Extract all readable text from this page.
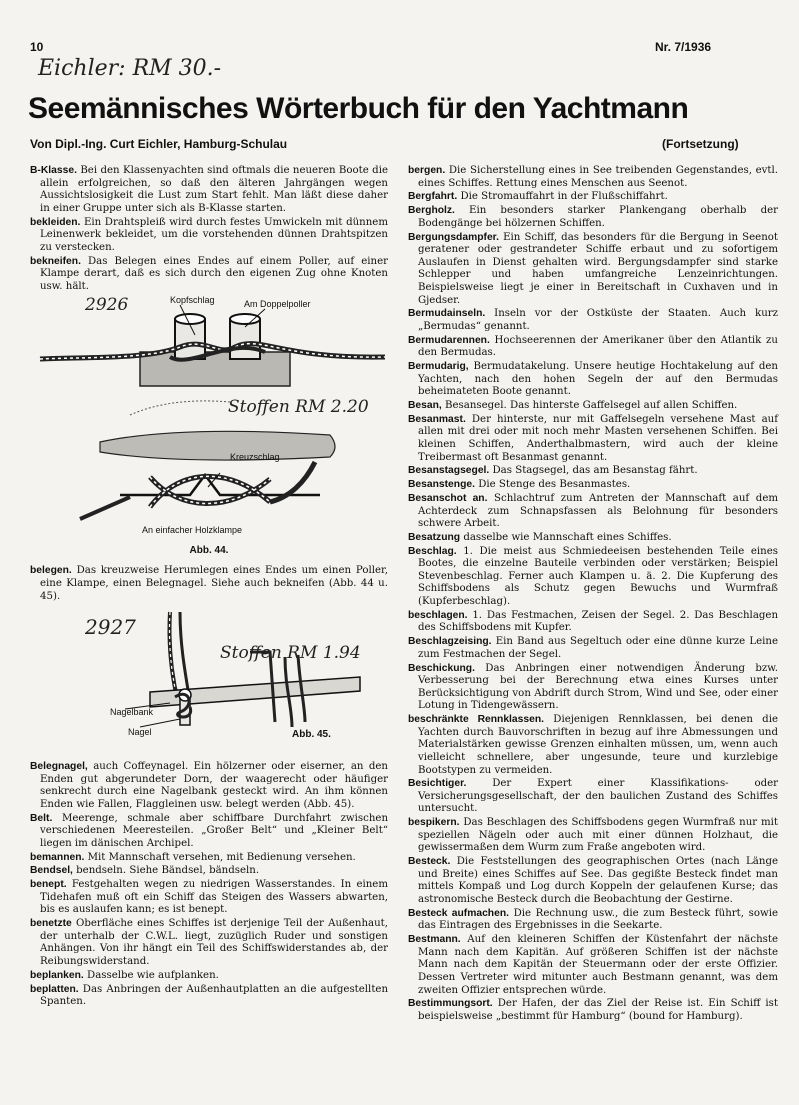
10	Nr. 7/1936
Eichler: RM 30.-
Seemännisches Wörterbuch für den Yachtmann
Von Dipl.-Ing. Curt Eichler, Hamburg-Schulau	(Fortsetzung)

B-Klasse. Bei den Klassenyachten sind oftmals die neueren Boote die allein erfolgreichen, so daß den älteren Jahrgängen wegen Aussichtslosigkeit die Lust zum Start fehlt. Man läßt diese daher in einer Gruppe unter sich als B-Klasse starten.

bekleiden. Ein Drahtspleiß wird durch festes Umwickeln mit dünnem Leinenwerk bekleidet, um die vorstehenden dünnen Drahtspitzen zu verstecken.

bekneifen. Das Belegen eines Endes auf einem Poller, auf einer Klampe derart, daß es sich durch den eigenen Zug ohne Knoten usw. hält.

2926	Kopfschlag	Am Doppelpoller
Stoffen RM 2.20
Kreuzschlag
An einfacher Holzklampe
Abb. 44.

belegen. Das kreuzweise Herumlegen eines Endes um einen Poller, eine Klampe, einen Belegnagel. Siehe auch bekneifen (Abb. 44 u. 45).

2927
Stoffen RM 1.94
Nagelbank
Nagel	Abb. 45.

Belegnagel, auch Coffeynagel. Ein hölzerner oder eiserner, an den Enden gut abgerundeter Dorn, der waagerecht oder häufiger senkrecht durch eine Nagelbank gesteckt wird. An ihm können Enden wie Fallen, Flaggleinen usw. belegt werden (Abb. 45).

Belt. Meerenge, schmale aber schiffbare Durchfahrt zwischen verschiedenen Meeresteilen. „Großer Belt“ und „Kleiner Belt“ liegen im dänischen Archipel.

bemannen. Mit Mannschaft versehen, mit Bedienung versehen.

Bendsel, bendseln. Siehe Bändsel, bändseln.

benept. Festgehalten wegen zu niedrigen Wasserstandes. In einem Tidehafen muß oft ein Schiff das Steigen des Wassers abwarten, bis es auslaufen kann; es ist benept.

benetzte Oberfläche eines Schiffes ist derjenige Teil der Außenhaut, der unterhalb der C.W.L. liegt, zuzüglich Ruder und sonstigen Anhängen. Von ihr hängt ein Teil des Schiffswiderstandes ab, der Reibungswiderstand.

beplanken. Dasselbe wie aufplanken.

beplatten. Das Anbringen der Außenhautplatten an die aufgestellten Spanten.

bergen. Die Sicherstellung eines in See treibenden Gegenstandes, evtl. eines Schiffes. Rettung eines Menschen aus Seenot.

Bergfahrt. Die Stromauffahrt in der Flußschiffahrt.

Bergholz. Ein besonders starker Plankengang oberhalb der Bodengänge bei hölzernen Schiffen.

Bergungsdampfer. Ein Schiff, das besonders für die Bergung in Seenot geratener oder gestrandeter Schiffe erbaut und zu sofortigem Auslaufen in Dienst gehalten wird. Bergungsdampfer sind starke Schlepper und haben umfangreiche Lenzeinrichtungen. Beispielsweise liegt je einer in Bereitschaft in Cuxhaven und in Gjedser.

Bermudainseln. Inseln vor der Ostküste der Staaten. Auch kurz „Bermudas“ genannt.

Bermudarennen. Hochseerennen der Amerikaner über den Atlantik zu den Bermudas.

Bermudarig, Bermudatakelung. Unsere heutige Hochtakelung auf den Yachten, nach den hohen Segeln der auf den Bermudas beheimateten Boote genannt.

Besan, Besansegel. Das hinterste Gaffelsegel auf allen Schiffen.

Besanmast. Der hinterste, nur mit Gaffelsegeln versehene Mast auf allen mit drei oder mit noch mehr Masten versehenen Schiffen. Bei kleinen Schiffen, Anderthalbmastern, wird auch der kleine Treibermast oft Besanmast genannt.

Besanstagsegel. Das Stagsegel, das am Besanstag fährt.

Besanstenge. Die Stenge des Besanmastes.

Besanschot an. Schlachtruf zum Antreten der Mannschaft auf dem Achterdeck zum Schnapsfassen als Belohnung für besonders schwere Arbeit.

Besatzung dasselbe wie Mannschaft eines Schiffes.

Beschlag. 1. Die meist aus Schmiedeeisen bestehenden Teile eines Bootes, die einzelne Bauteile verbinden oder verstärken; Beispiel Stevenbeschlag. Ferner auch Klampen u. ä. 2. Die Kupferung des Schiffsbodens als Schutz gegen Bewuchs und Wurmfraß (Kupferbeschlag).

beschlagen. 1. Das Festmachen, Zeisen der Segel. 2. Das Beschlagen des Schiffsbodens mit Kupfer.

Beschlagzeising. Ein Band aus Segeltuch oder eine dünne kurze Leine zum Festmachen der Segel.

Beschickung. Das Anbringen einer notwendigen Änderung bzw. Verbesserung bei der Berechnung etwa eines Kurses unter Berücksichtigung von Abdrift durch Strom, Wind und See, oder einer Lotung in Tidengewässern.

beschränkte Rennklassen. Diejenigen Rennklassen, bei denen die Yachten durch Bauvorschriften in bezug auf ihre Abmessungen und Materialstärken gewisse Grenzen einhalten müssen, um, wenn auch vielleicht schnellere, aber ungesunde, teure und kurzlebige Bootstypen zu vermeiden.

Besichtiger. Der Expert einer Klassifikations- oder Versicherungsgesellschaft, der den baulichen Zustand des Schiffes untersucht.

bespikern. Das Beschlagen des Schiffsbodens gegen Wurmfraß nur mit speziellen Nägeln oder auch mit einer dünnen Holzhaut, die gewissermaßen dem Wurm zum Fraße angeboten wird.

Besteck. Die Feststellungen des geographischen Ortes (nach Länge und Breite) eines Schiffes auf See. Das gegißte Besteck findet man mittels Kompaß und Log durch Koppeln der gelaufenen Kurse; das astronomische Besteck durch die Beobachtung der Gestirne.

Besteck aufmachen. Die Rechnung usw., die zum Besteck führt, sowie das Eintragen des Ergebnisses in die Seekarte.

Bestmann. Auf den kleineren Schiffen der Küstenfahrt der nächste Mann nach dem Kapitän. Auf größeren Schiffen ist der nächste Mann nach dem Kapitän der Steuermann oder der erste Offizier. Dessen Vertreter wird mitunter auch Bestmann genannt, was dem zweiten Offizier entsprechen würde.

Bestimmungsort. Der Hafen, der das Ziel der Reise ist. Ein Schiff ist beispielsweise „bestimmt für Hamburg“ (bound for Hamburg).
